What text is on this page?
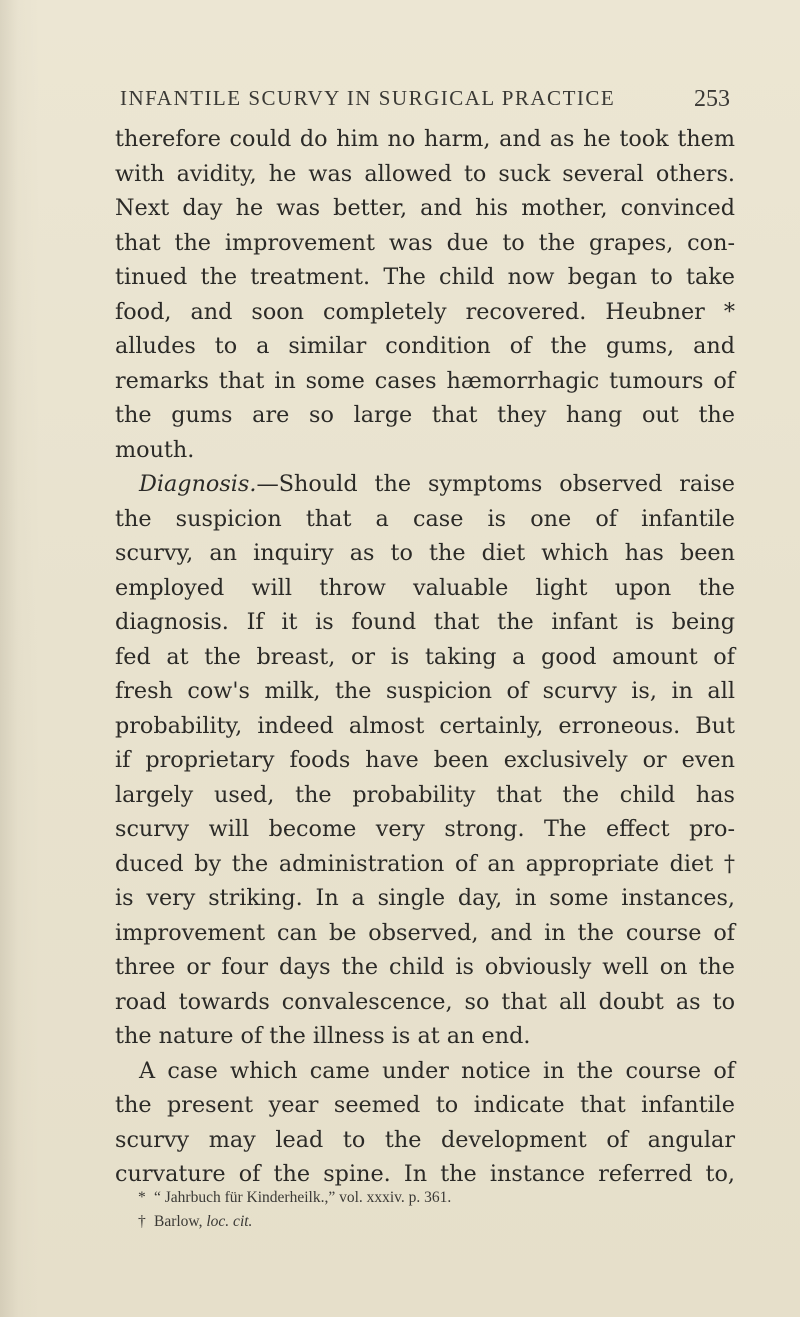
INFANTILE SCURVY IN SURGICAL PRACTICE	253
therefore could do him no harm, and as he took them
with avidity, he was allowed to suck several others.
Next day he was better, and his mother, convinced
that the improvement was due to the grapes, con-
tinued the treatment. The child now began to take
food, and soon completely recovered. Heubner *
alludes to a similar condition of the gums, and
remarks that in some cases hæmorrhagic tumours of
the gums are so large that they hang out the
mouth.
Diagnosis.—Should the symptoms observed raise
the suspicion that a case is one of infantile
scurvy, an inquiry as to the diet which has been
employed will throw valuable light upon the
diagnosis. If it is found that the infant is being
fed at the breast, or is taking a good amount of
fresh cow's milk, the suspicion of scurvy is, in all
probability, indeed almost certainly, erroneous. But
if proprietary foods have been exclusively or even
largely used, the probability that the child has
scurvy will become very strong. The effect pro-
duced by the administration of an appropriate diet †
is very striking. In a single day, in some instances,
improvement can be observed, and in the course of
three or four days the child is obviously well on the
road towards convalescence, so that all doubt as to
the nature of the illness is at an end.
A case which came under notice in the course of
the present year seemed to indicate that infantile
scurvy may lead to the development of angular
curvature of the spine. In the instance referred to,
* “ Jahrbuch für Kinderheilk.,” vol. xxxiv. p. 361.
† Barlow, loc. cit.
